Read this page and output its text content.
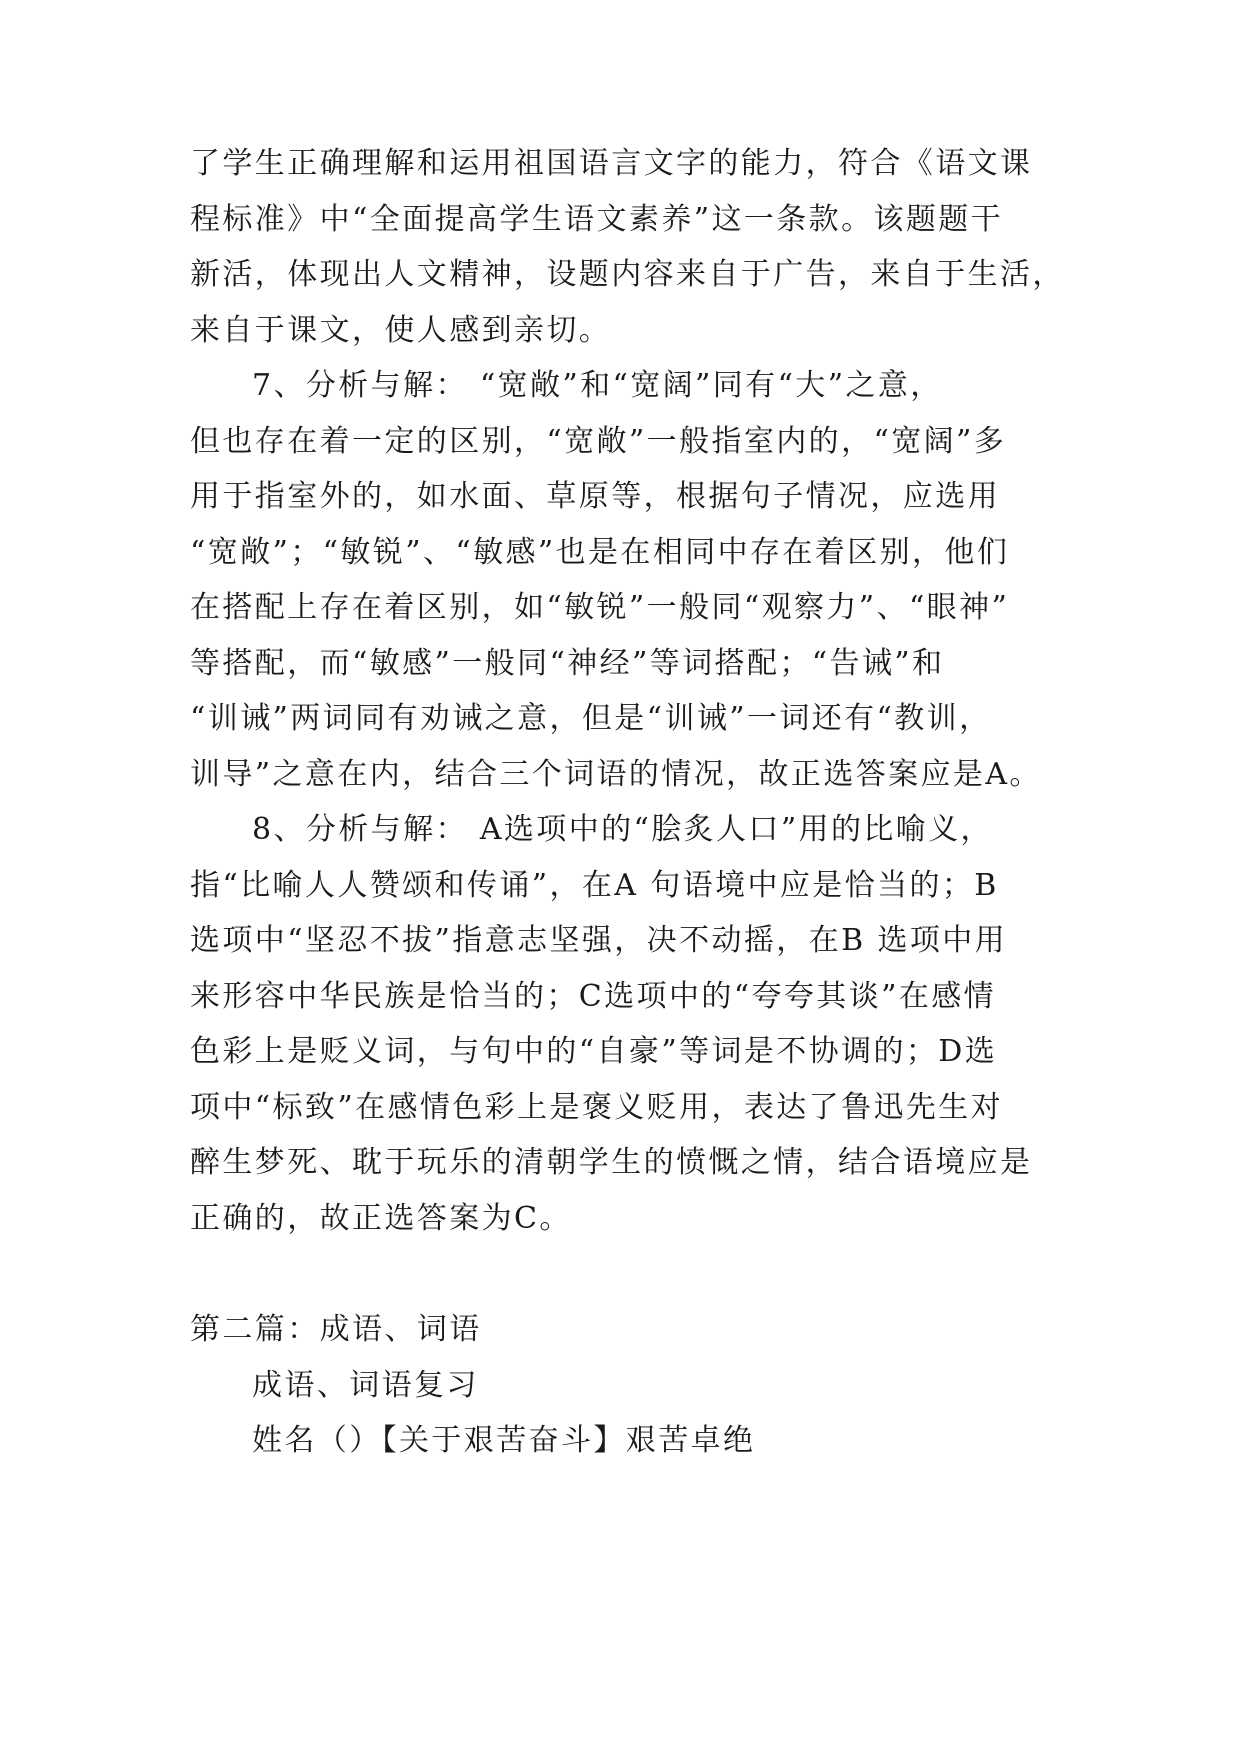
了学生正确理解和运用祖国语言文字的能力，符合《语文课
程标准》中“全面提高学生语文素养”这一条款。该题题干
新活，体现出人文精神，设题内容来自于广告，来自于生活，
来自于课文，使人感到亲切。
7、分析与解： “宽敞”和“宽阔”同有“大”之意，
但也存在着一定的区别，“宽敞”一般指室内的，“宽阔”多
用于指室外的，如水面、草原等，根据句子情况，应选用
“宽敞”；“敏锐”、“敏感”也是在相同中存在着区别，他们
在搭配上存在着区别，如“敏锐”一般同“观察力”、“眼神”
等搭配，而“敏感”一般同“神经”等词搭配；“告诫”和
“训诫”两词同有劝诫之意，但是“训诫”一词还有“教训，
训导”之意在内，结合三个词语的情况，故正选答案应是A。
8、分析与解： A选项中的“脍炙人口”用的比喻义，
指“比喻人人赞颂和传诵”，在A 句语境中应是恰当的；B
选项中“坚忍不拔”指意志坚强，决不动摇，在B 选项中用
来形容中华民族是恰当的；C选项中的“夸夸其谈”在感情
色彩上是贬义词，与句中的“自豪”等词是不协调的；D选
项中“标致”在感情色彩上是褒义贬用，表达了鲁迅先生对
醉生梦死、耽于玩乐的清朝学生的愤慨之情，结合语境应是
正确的，故正选答案为C。
第二篇：成语、词语
成语、词语复习
姓名（）【关于艰苦奋斗】艰苦卓绝
